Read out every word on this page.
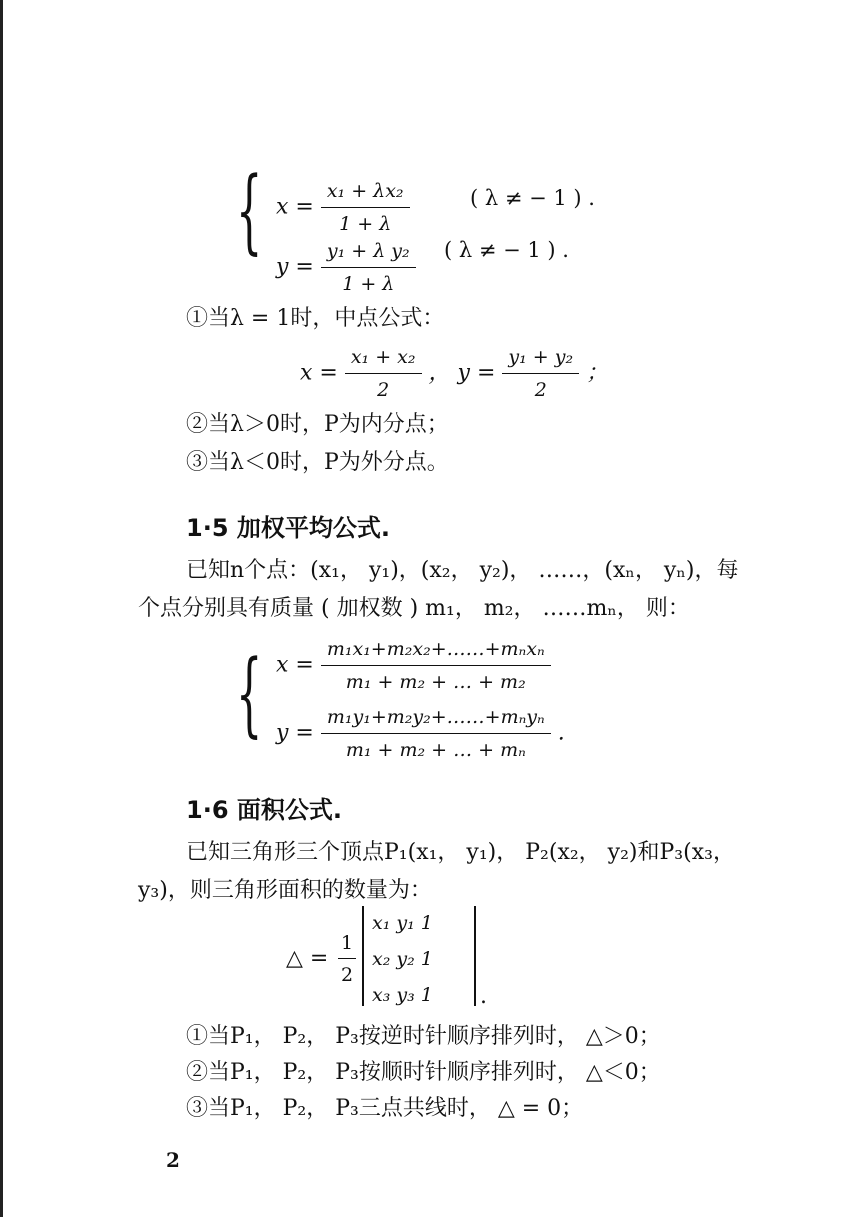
{ $x = \frac{\text{x₁ + λx₂}}{1 + \lambda}$	( λ ≠ − 1 ) .
$y = \frac{\text{y₁ + λ y₂}}{1 + \lambda}$ ( λ ≠ − 1 ) .
①当λ = 1时，中点公式：
$x = \frac{\text{x₁ + x₂}}{2}$ ， $y = \frac{\text{y₁ + y₂}}{2}$ ；
②当λ＞0时，P为内分点；
③当λ＜0时，P为外分点。
1·5 加权平均公式.
已知n个点：(x₁， y₁)，(x₂， y₂)， ……，(xₙ， yₙ)，每
个点分别具有质量 ( 加权数 ) m₁， m₂， ……mₙ， 则：
{ $x = \frac{\text{m₁x₁+m₂x₂+……+mₙxₙ}}{\text{m₁ + m₂ + … + m₂}}$
$y = \frac{\text{m₁y₁+m₂y₂+……+mₙyₙ}}{\text{m₁ + m₂ + … + mₙ}}$ .
1·6 面积公式.
已知三角形三个顶点P₁(x₁， y₁)， P₂(x₂， y₂)和P₃(x₃，
y₃)，则三角形面积的数量为：
△ = $\frac{1}{2}$
x₁ y₁ 1
x₂ y₂ 1
x₃ y₃ 1 .
①当P₁， P₂， P₃按逆时针顺序排列时， △＞0；
②当P₁， P₂， P₃按顺时针顺序排列时， △＜0；
③当P₁， P₂， P₃三点共线时， △ = 0；
2
